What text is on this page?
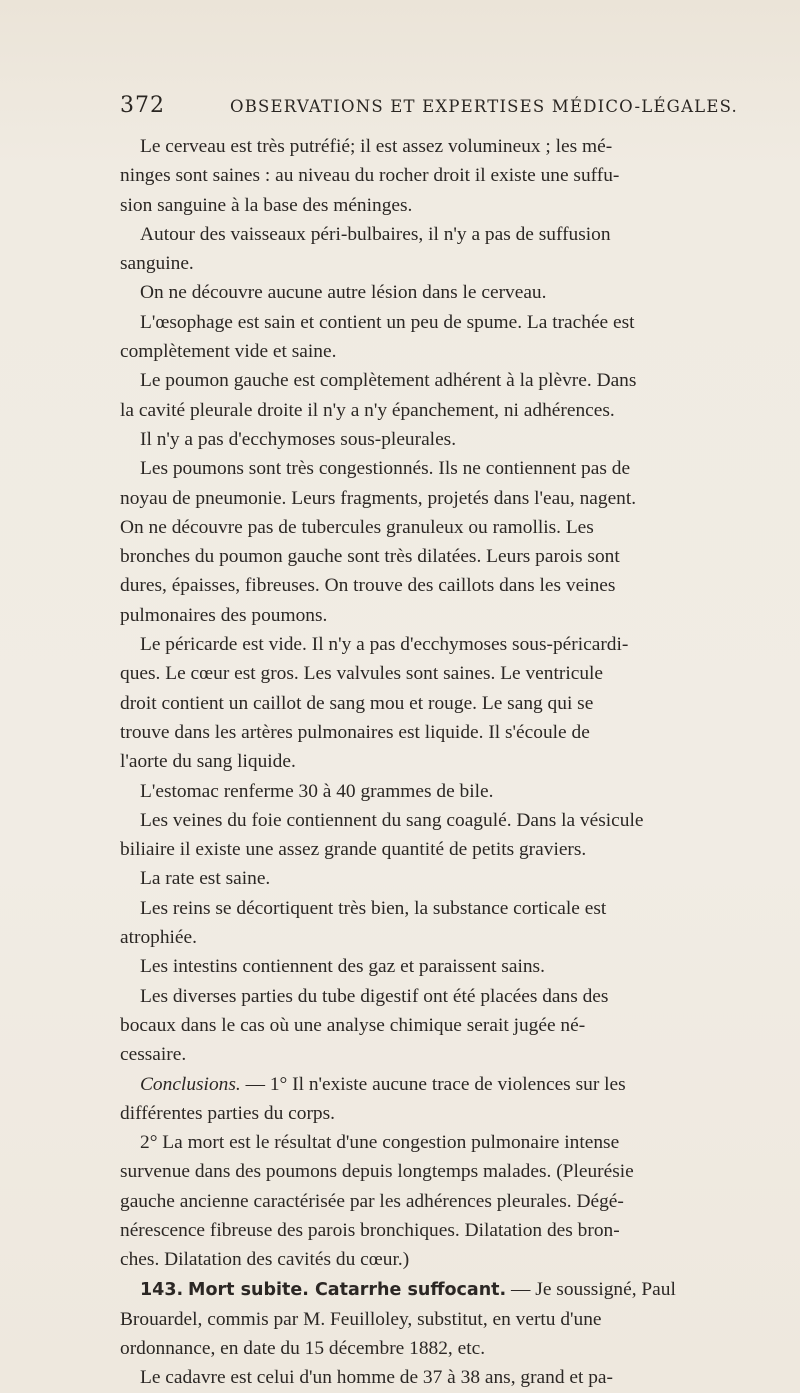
372	OBSERVATIONS ET EXPERTISES MÉDICO-LÉGALES.
Le cerveau est très putréfié; il est assez volumineux ; les mé-
ninges sont saines : au niveau du rocher droit il existe une suffu-
sion sanguine à la base des méninges.
Autour des vaisseaux péri-bulbaires, il n'y a pas de suffusion
sanguine.
On ne découvre aucune autre lésion dans le cerveau.
L'œsophage est sain et contient un peu de spume. La trachée est
complètement vide et saine.
Le poumon gauche est complètement adhérent à la plèvre. Dans
la cavité pleurale droite il n'y a n'y épanchement, ni adhérences.
Il n'y a pas d'ecchymoses sous-pleurales.
Les poumons sont très congestionnés. Ils ne contiennent pas de
noyau de pneumonie. Leurs fragments, projetés dans l'eau, nagent.
On ne découvre pas de tubercules granuleux ou ramollis. Les
bronches du poumon gauche sont très dilatées. Leurs parois sont
dures, épaisses, fibreuses. On trouve des caillots dans les veines
pulmonaires des poumons.
Le péricarde est vide. Il n'y a pas d'ecchymoses sous-péricardi-
ques. Le cœur est gros. Les valvules sont saines. Le ventricule
droit contient un caillot de sang mou et rouge. Le sang qui se
trouve dans les artères pulmonaires est liquide. Il s'écoule de
l'aorte du sang liquide.
L'estomac renferme 30 à 40 grammes de bile.
Les veines du foie contiennent du sang coagulé. Dans la vésicule
biliaire il existe une assez grande quantité de petits graviers.
La rate est saine.
Les reins se décortiquent très bien, la substance corticale est
atrophiée.
Les intestins contiennent des gaz et paraissent sains.
Les diverses parties du tube digestif ont été placées dans des
bocaux dans le cas où une analyse chimique serait jugée né-
cessaire.
Conclusions. — 1° Il n'existe aucune trace de violences sur les
différentes parties du corps.
2° La mort est le résultat d'une congestion pulmonaire intense
survenue dans des poumons depuis longtemps malades. (Pleurésie
gauche ancienne caractérisée par les adhérences pleurales. Dégé-
nérescence fibreuse des parois bronchiques. Dilatation des bron-
ches. Dilatation des cavités du cœur.)
143. Mort subite. Catarrhe suffocant. — Je soussigné, Paul
Brouardel, commis par M. Feuilloley, substitut, en vertu d'une
ordonnance, en date du 15 décembre 1882, etc.
Le cadavre est celui d'un homme de 37 à 38 ans, grand et pa-
